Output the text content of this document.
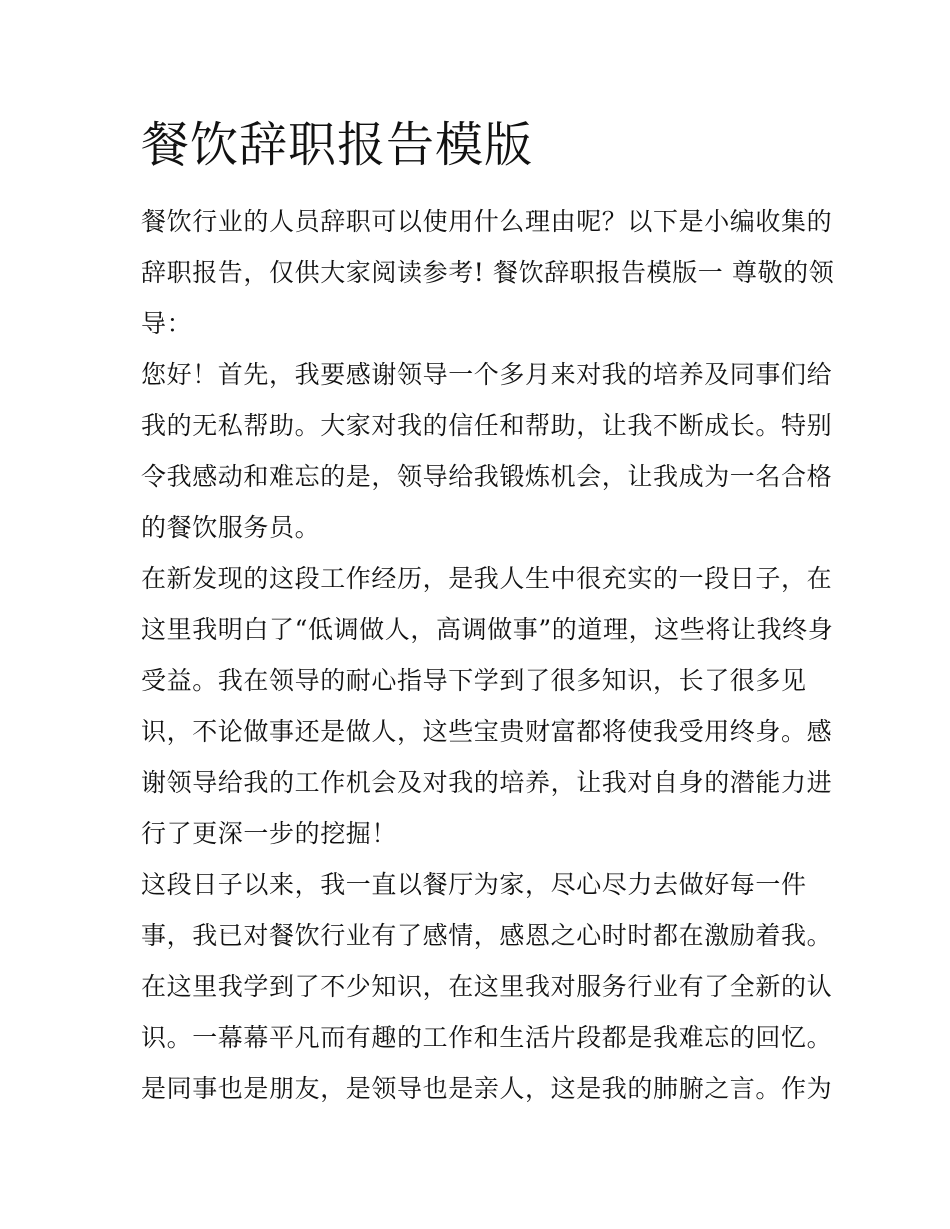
餐饮辞职报告模版
餐饮行业的人员辞职可以使用什么理由呢？以下是小编收集的
辞职报告，仅供大家阅读参考! 餐饮辞职报告模版一 尊敬的领
导：
您好！首先，我要感谢领导一个多月来对我的培养及同事们给
我的无私帮助。大家对我的信任和帮助，让我不断成长。特别
令我感动和难忘的是，领导给我锻炼机会，让我成为一名合格
的餐饮服务员。
在新发现的这段工作经历，是我人生中很充实的一段日子，在
这里我明白了“低调做人，高调做事”的道理，这些将让我终身
受益。我在领导的耐心指导下学到了很多知识，长了很多见
识，不论做事还是做人，这些宝贵财富都将使我受用终身。感
谢领导给我的工作机会及对我的培养，让我对自身的潜能力进
行了更深一步的挖掘！
这段日子以来，我一直以餐厅为家，尽心尽力去做好每一件
事，我已对餐饮行业有了感情，感恩之心时时都在激励着我。
在这里我学到了不少知识，在这里我对服务行业有了全新的认
识。一幕幕平凡而有趣的工作和生活片段都是我难忘的回忆。
是同事也是朋友，是领导也是亲人，这是我的肺腑之言。作为
